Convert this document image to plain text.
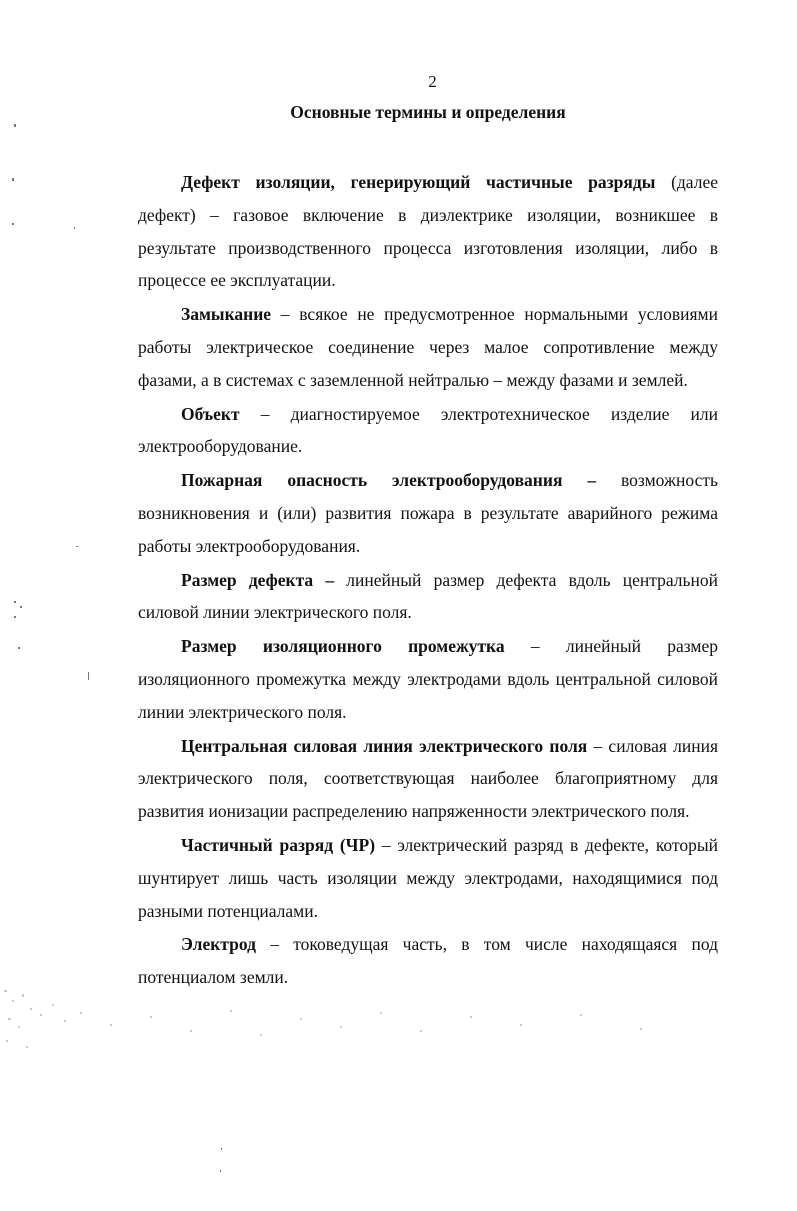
2
Основные термины и определения

Дефект изоляции, генерирующий частичные разряды (далее дефект) – газовое включение в диэлектрике изоляции, возникшее в результате производственного процесса изготовления изоляции, либо в процессе ее эксплуатации.

Замыкание – всякое не предусмотренное нормальными условиями работы электрическое соединение через малое сопротивление между фазами, а в системах с заземленной нейтралью – между фазами и землей.

Объект – диагностируемое электротехническое изделие или электрооборудование.

Пожарная опасность электрооборудования – возможность возникновения и (или) развития пожара в результате аварийного режима работы электрооборудования.

Размер дефекта – линейный размер дефекта вдоль центральной силовой линии электрического поля.

Размер изоляционного промежутка – линейный размер изоляционного промежутка между электродами вдоль центральной силовой линии электрического поля.

Центральная силовая линия электрического поля – силовая линия электрического поля, соответствующая наиболее благоприятному для развития ионизации распределению напряженности электрического поля.

Частичный разряд (ЧР) – электрический разряд в дефекте, который шунтирует лишь часть изоляции между электродами, находящимися под разными потенциалами.

Электрод – токоведущая часть, в том числе находящаяся под потенциалом земли.
